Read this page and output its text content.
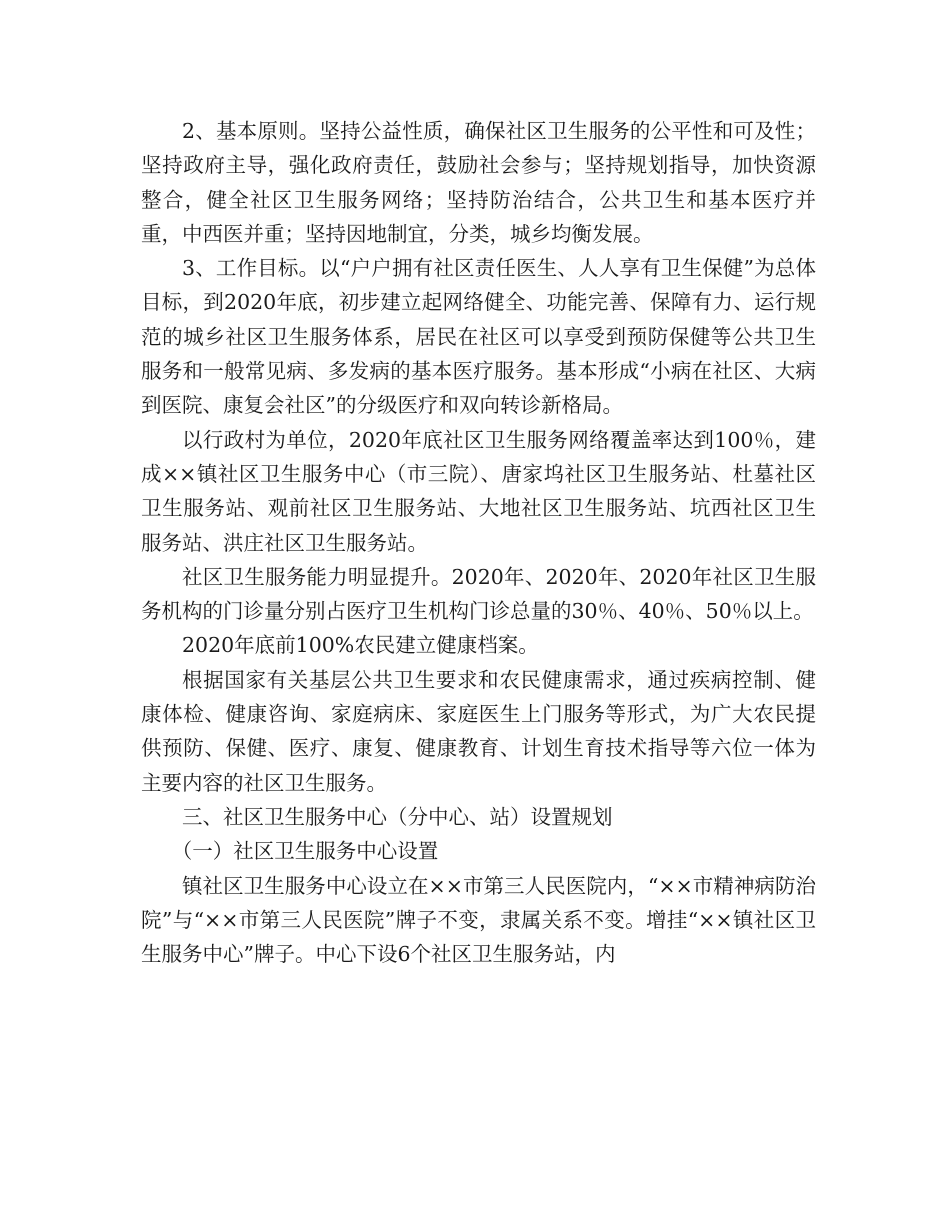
2、基本原则。坚持公益性质，确保社区卫生服务的公平性和可及性；坚持政府主导，强化政府责任，鼓励社会参与；坚持规划指导，加快资源整合，健全社区卫生服务网络；坚持防治结合，公共卫生和基本医疗并重，中西医并重；坚持因地制宜，分类，城乡均衡发展。

3、工作目标。以“户户拥有社区责任医生、人人享有卫生保健”为总体目标，到2020年底，初步建立起网络健全、功能完善、保障有力、运行规范的城乡社区卫生服务体系，居民在社区可以享受到预防保健等公共卫生服务和一般常见病、多发病的基本医疗服务。基本形成“小病在社区、大病到医院、康复会社区”的分级医疗和双向转诊新格局。

以行政村为单位，2020年底社区卫生服务网络覆盖率达到100％，建成××镇社区卫生服务中心（市三院）、唐家坞社区卫生服务站、杜墓社区卫生服务站、观前社区卫生服务站、大地社区卫生服务站、坑西社区卫生服务站、洪庄社区卫生服务站。

社区卫生服务能力明显提升。2020年、2020年、2020年社区卫生服务机构的门诊量分别占医疗卫生机构门诊总量的30％、40％、50％以上。

2020年底前100%农民建立健康档案。

根据国家有关基层公共卫生要求和农民健康需求，通过疾病控制、健康体检、健康咨询、家庭病床、家庭医生上门服务等形式，为广大农民提供预防、保健、医疗、康复、健康教育、计划生育技术指导等六位一体为主要内容的社区卫生服务。

三、社区卫生服务中心（分中心、站）设置规划

（一）社区卫生服务中心设置

镇社区卫生服务中心设立在××市第三人民医院内，“××市精神病防治院”与“××市第三人民医院”牌子不变，隶属关系不变。增挂“××镇社区卫生服务中心”牌子。中心下设6个社区卫生服务站，内
